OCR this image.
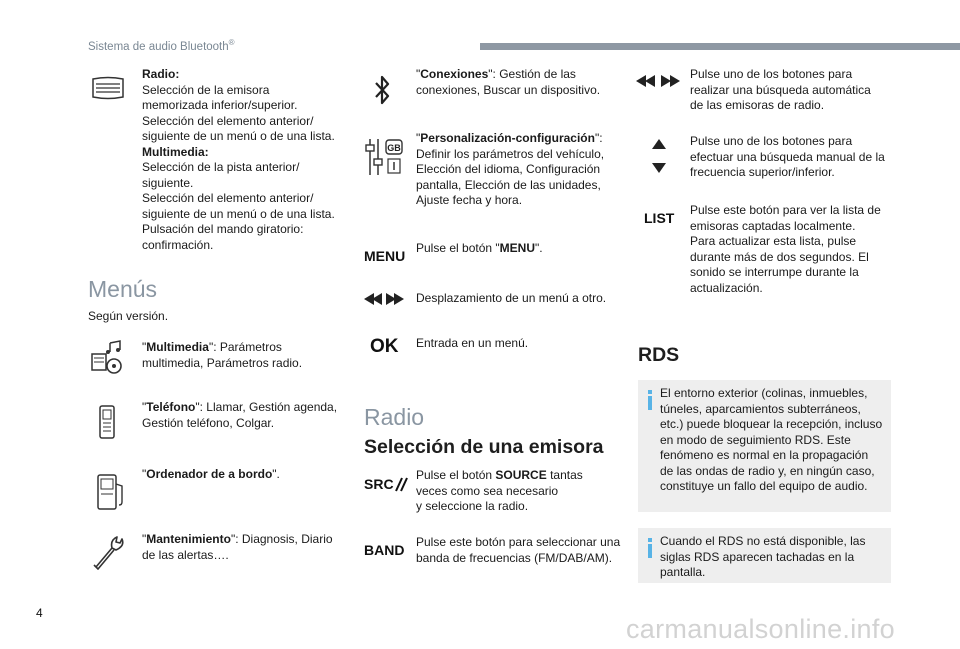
Sistema de audio Bluetooth®

Radio:

Selección de la emisora

memorizada inferior/superior.

Selección del elemento anterior/

siguiente de un menú o de una lista.

Multimedia:

Selección de la pista anterior/

siguiente.

Selección del elemento anterior/

siguiente de un menú o de una lista.

Pulsación del mando giratorio:

confirmación.

Menús
Según versión.

"Multimedia": Parámetros

multimedia, Parámetros radio.

"Teléfono": Llamar, Gestión agenda,

Gestión teléfono, Colgar.

"Ordenador de a bordo".

"Mantenimiento": Diagnosis, Diario

de las alertas….

"Conexiones": Gestión de las

conexiones, Buscar un dispositivo.

GB

"Personalización-configuración":

Definir los parámetros del vehículo,

Elección del idioma, Configuración

pantalla, Elección de las unidades,

Ajuste fecha y hora.

MENU Pulse el botón "MENU".
Desplazamiento de un menú a otro.
OK Entrada en un menú.
Radio
Selección de una emisora
SRC

Pulse el botón SOURCE tantas

veces como sea necesario

y seleccione la radio.

BAND Pulse este botón para seleccionar una

banda de frecuencias (FM/DAB/AM).

Pulse uno de los botones para

realizar una búsqueda automática

de las emisoras de radio.

Pulse uno de los botones para

efectuar una búsqueda manual de la

frecuencia superior/inferior.

LIST Pulse este botón para ver la lista de

emisoras captadas localmente.

Para actualizar esta lista, pulse

durante más de dos segundos. El

sonido se interrumpe durante la

actualización.

RDS

El entorno exterior (colinas, inmuebles,

túneles, aparcamientos subterráneos,

etc.) puede bloquear la recepción, incluso

en modo de seguimiento RDS. Este

fenómeno es normal en la propagación

de las ondas de radio y, en ningún caso,

constituye un fallo del equipo de audio.

Cuando el RDS no está disponible, las

siglas RDS aparecen tachadas en la

pantalla.

4
carmanualsonline.info
